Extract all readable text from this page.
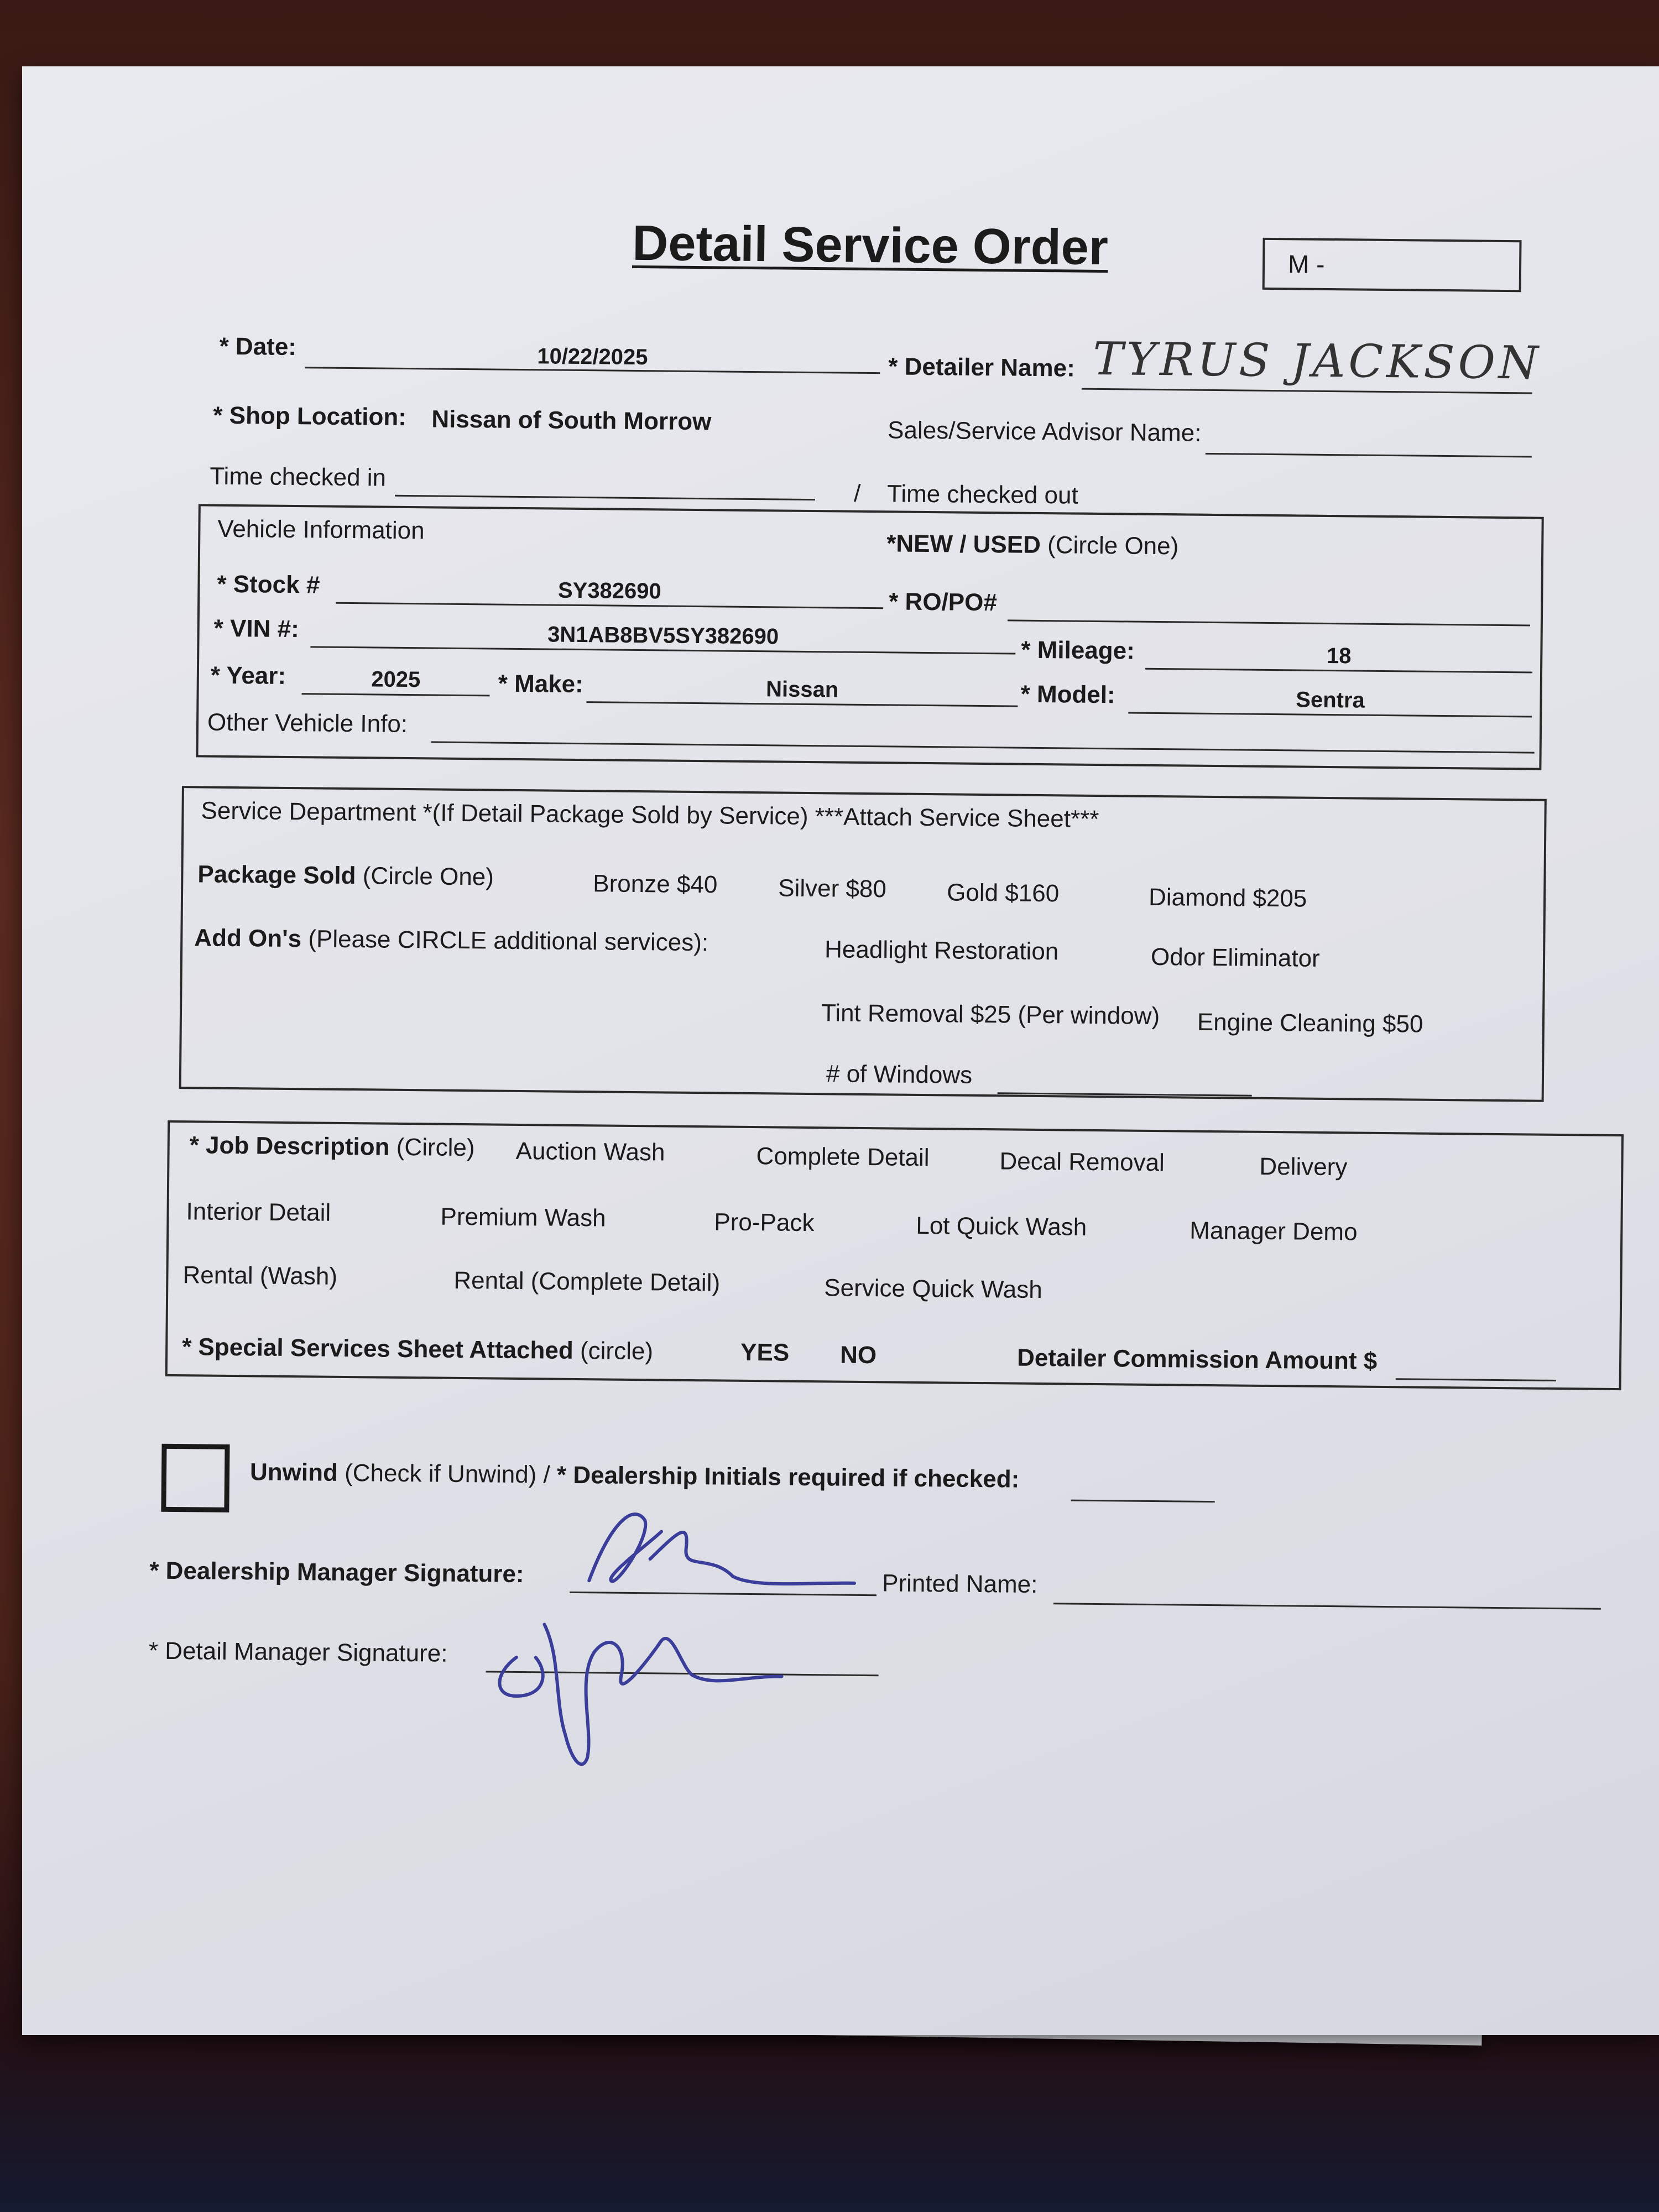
Detail Service Order	M -
* Date:	10/22/2025	* Detailer Name: TYRUS JACKSON
* Shop Location: Nissan of South Morrow	Sales/Service Advisor Name:
Time checked in
/ Time checked out
Vehicle Information	*NEW / USED (Circle One)
* Stock #	SY382690	* RO/PO#
* VIN #:	3N1AB8BV5SY382690
* Mileage:	18
* Year:	2025	* Make:	Nissan	* Model:	Sentra
Other Vehicle Info:
Service Department *(If Detail Package Sold by Service) ***Attach Service Sheet***
Package Sold (Circle One)	Bronze $40 Silver $80 Gold $160	Diamond $205
Add On's (Please CIRCLE additional services):	Headlight Restoration	Odor Eliminator
Tint Removal $25 (Per window) Engine Cleaning $50
# of Windows
* Job Description (Circle) Auction Wash	Complete Detail	Decal Removal	Delivery
Interior Detail	Premium Wash	Pro-Pack	Lot Quick Wash	Manager Demo
Rental (Wash)	Rental (Complete Detail)	Service Quick Wash
* Special Services Sheet Attached (circle)	YES NO	Detailer Commission Amount $
Unwind (Check if Unwind) / * Dealership Initials required if checked:
* Dealership Manager Signature:	Printed Name:
* Detail Manager Signature:
